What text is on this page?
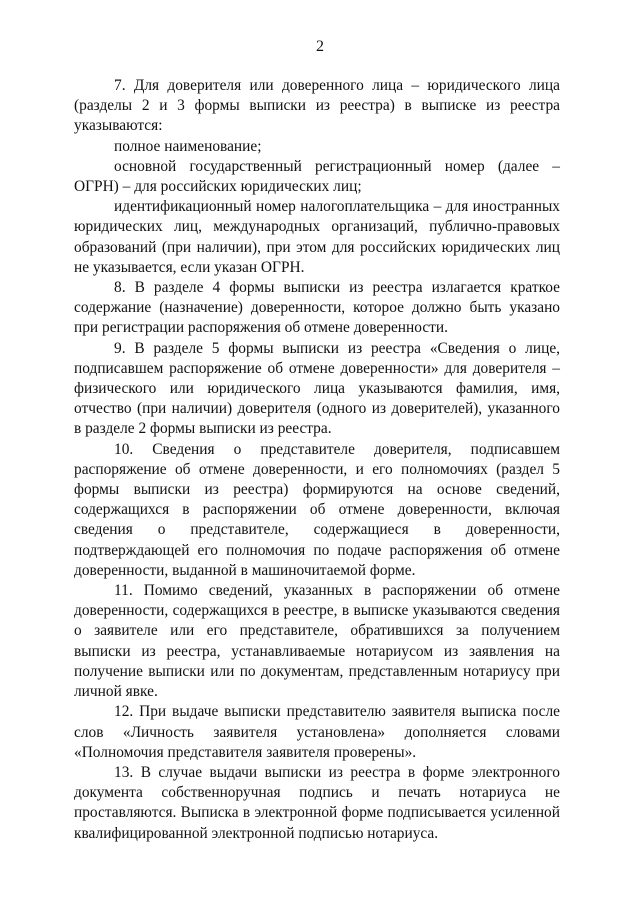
2

7. Для доверителя или доверенного лица – юридического лица (разделы 2 и 3 формы выписки из реестра) в выписке из реестра указываются:

полное наименование;

основной государственный регистрационный номер (далее – ОГРН) – для российских юридических лиц;

идентификационный номер налогоплательщика – для иностранных юридических лиц, международных организаций, публично-правовых образований (при наличии), при этом для российских юридических лиц не указывается, если указан ОГРН.

8. В разделе 4 формы выписки из реестра излагается краткое содержание (назначение) доверенности, которое должно быть указано при регистрации распоряжения об отмене доверенности.

9. В разделе 5 формы выписки из реестра «Сведения о лице, подписавшем распоряжение об отмене доверенности» для доверителя – физического или юридического лица указываются фамилия, имя, отчество (при наличии) доверителя (одного из доверителей), указанного в разделе 2 формы выписки из реестра.

10. Сведения о представителе доверителя, подписавшем распоряжение об отмене доверенности, и его полномочиях (раздел 5 формы выписки из реестра) формируются на основе сведений, содержащихся в распоряжении об отмене доверенности, включая сведения о представителе, содержащиеся в доверенности, подтверждающей его полномочия по подаче распоряжения об отмене доверенности, выданной в машиночитаемой форме.

11. Помимо сведений, указанных в распоряжении об отмене доверенности, содержащихся в реестре, в выписке указываются сведения о заявителе или его представителе, обратившихся за получением выписки из реестра, устанавливаемые нотариусом из заявления на получение выписки или по документам, представленным нотариусу при личной явке.

12. При выдаче выписки представителю заявителя выписка после слов «Личность заявителя установлена» дополняется словами «Полномочия представителя заявителя проверены».

13. В случае выдачи выписки из реестра в форме электронного документа собственноручная подпись и печать нотариуса не проставляются. Выписка в электронной форме подписывается усиленной квалифицированной электронной подписью нотариуса.
